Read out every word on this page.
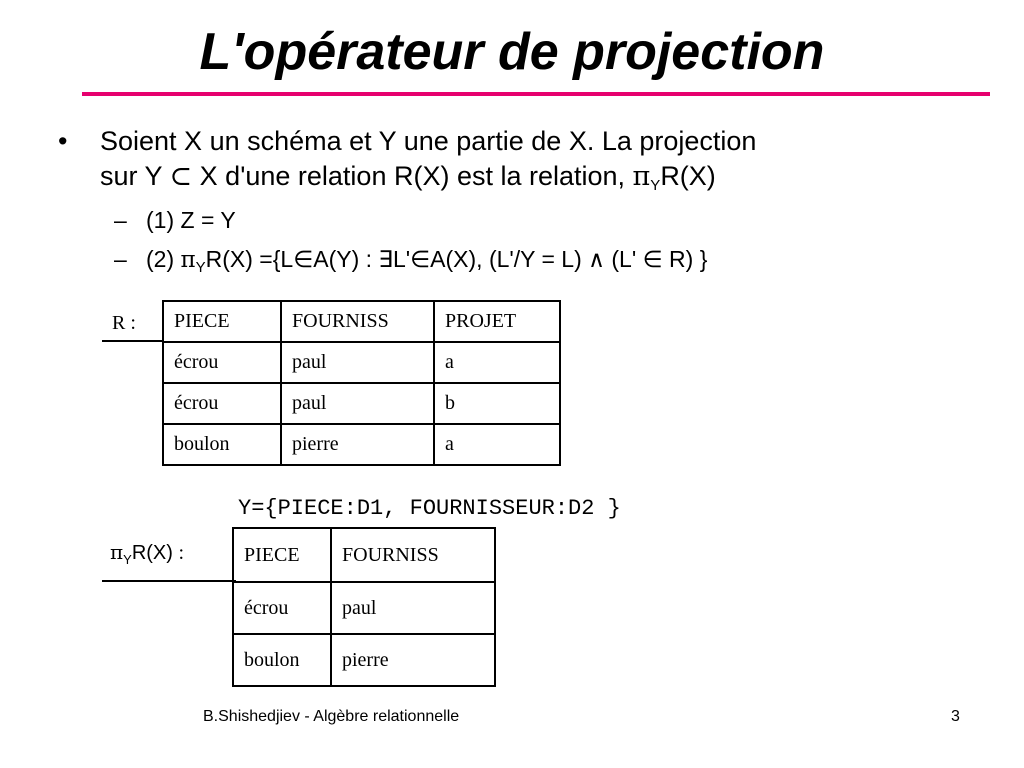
L'opérateur de projection
• Soient X un schéma et Y une partie de X. La projection
sur Y ⊂ X d'une relation R(X) est la relation, $\pi_YR(X)$
– (1) Z = Y
– (2) $\pi_YR(X)$ ={L∈A(Y) : ∃L'∈A(X), (L'/Y = L) ∧ (L' ∈ R) }
R : PIECE	FOURNISS	PROJET
écrou	paul	a
écrou	paul	b
boulon	pierre	a
Y={PIECE:D1, FOURNISSEUR:D2 }
$\pi_YR(X)$ :	PIECE	FOURNISS
écrou	paul
boulon	pierre
B.Shishedjiev - Algèbre relationnelle	3
